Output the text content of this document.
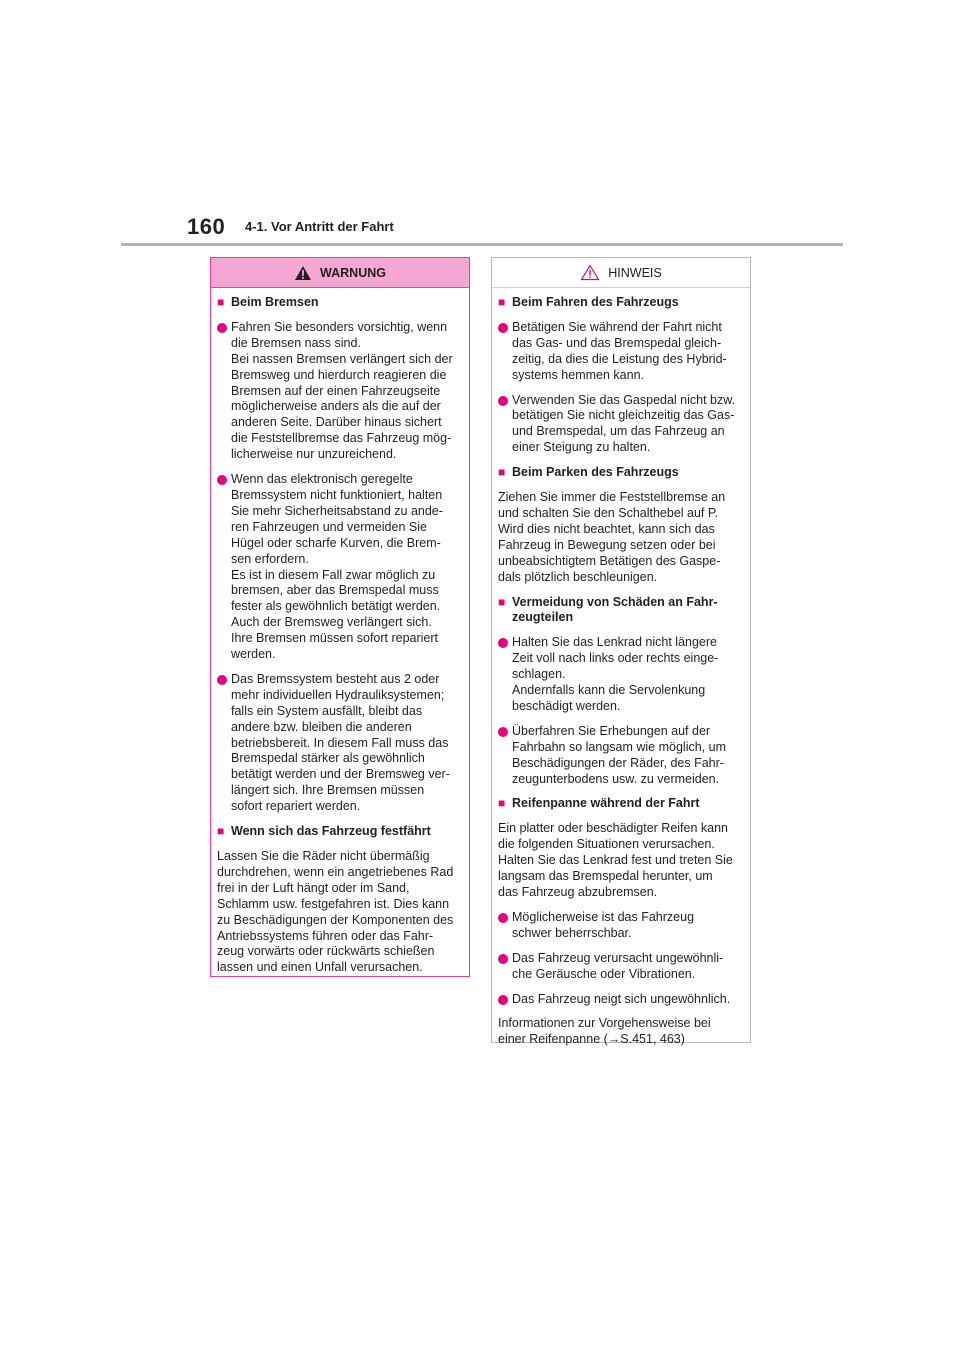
160 4-1. Vor Antritt der Fahrt
WARNUNG
■ Beim Bremsen
Fahren Sie besonders vorsichtig, wenn
die Bremsen nass sind.
Bei nassen Bremsen verlängert sich der
Bremsweg und hierdurch reagieren die
Bremsen auf der einen Fahrzeugseite
möglicherweise anders als die auf der
anderen Seite. Darüber hinaus sichert
die Feststellbremse das Fahrzeug mög-
licherweise nur unzureichend.
Wenn das elektronisch geregelte
Bremssystem nicht funktioniert, halten
Sie mehr Sicherheitsabstand zu ande-
ren Fahrzeugen und vermeiden Sie
Hügel oder scharfe Kurven, die Brem-
sen erfordern.
Es ist in diesem Fall zwar möglich zu
bremsen, aber das Bremspedal muss
fester als gewöhnlich betätigt werden.
Auch der Bremsweg verlängert sich.
Ihre Bremsen müssen sofort repariert
werden.
Das Bremssystem besteht aus 2 oder
mehr individuellen Hydrauliksystemen;
falls ein System ausfällt, bleibt das
andere bzw. bleiben die anderen
betriebsbereit. In diesem Fall muss das
Bremspedal stärker als gewöhnlich
betätigt werden und der Bremsweg ver-
längert sich. Ihre Bremsen müssen
sofort repariert werden.
■ Wenn sich das Fahrzeug festfährt
Lassen Sie die Räder nicht übermäßig
durchdrehen, wenn ein angetriebenes Rad
frei in der Luft hängt oder im Sand,
Schlamm usw. festgefahren ist. Dies kann
zu Beschädigungen der Komponenten des
Antriebssystems führen oder das Fahr-
zeug vorwärts oder rückwärts schießen
lassen und einen Unfall verursachen.
HINWEIS
■ Beim Fahren des Fahrzeugs
Betätigen Sie während der Fahrt nicht
das Gas- und das Bremspedal gleich-
zeitig, da dies die Leistung des Hybrid-
systems hemmen kann.
Verwenden Sie das Gaspedal nicht bzw.
betätigen Sie nicht gleichzeitig das Gas-
und Bremspedal, um das Fahrzeug an
einer Steigung zu halten.
■ Beim Parken des Fahrzeugs
Ziehen Sie immer die Feststellbremse an
und schalten Sie den Schalthebel auf P.
Wird dies nicht beachtet, kann sich das
Fahrzeug in Bewegung setzen oder bei
unbeabsichtigtem Betätigen des Gaspe-
dals plötzlich beschleunigen.
■ Vermeidung von Schäden an Fahr-
zeugteilen
Halten Sie das Lenkrad nicht längere
Zeit voll nach links oder rechts einge-
schlagen.
Andernfalls kann die Servolenkung
beschädigt werden.
Überfahren Sie Erhebungen auf der
Fahrbahn so langsam wie möglich, um
Beschädigungen der Räder, des Fahr-
zeugunterbodens usw. zu vermeiden.
■ Reifenpanne während der Fahrt
Ein platter oder beschädigter Reifen kann
die folgenden Situationen verursachen.
Halten Sie das Lenkrad fest und treten Sie
langsam das Bremspedal herunter, um
das Fahrzeug abzubremsen.
Möglicherweise ist das Fahrzeug
schwer beherrschbar.
Das Fahrzeug verursacht ungewöhnli-
che Geräusche oder Vibrationen.
Das Fahrzeug neigt sich ungewöhnlich.
Informationen zur Vorgehensweise bei
einer Reifenpanne (→S.451, 463)
